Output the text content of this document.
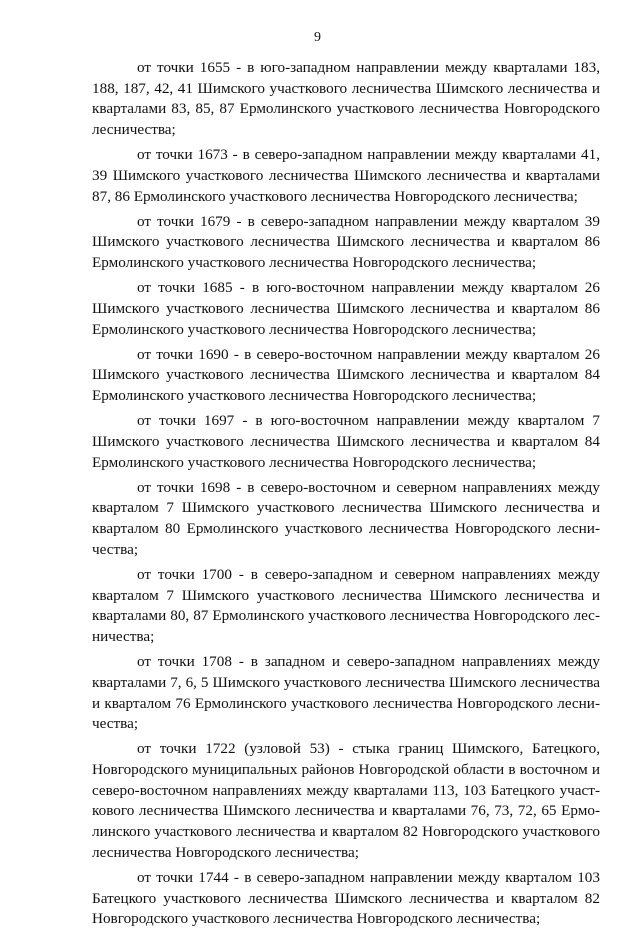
9

от точки 1655 - в юго-западном направлении между кварталами 183, 188, 187, 42, 41 Шимского участкового лесничества Шимского лесничества и кварталами 83, 85, 87 Ермолинского участкового лесничества Новгородского лесничества;

от точки 1673 - в северо-западном направлении между кварталами 41, 39 Шимского участкового лесничества Шимского лесничества и кварталами 87, 86 Ермолинского участкового лесничества Новгородского лесничества;

от точки 1679 - в северо-западном направлении между кварталом 39 Шимского участкового лесничества Шимского лесничества и кварталом 86 Ермолинского участкового лесничества Новгородского лесничества;

от точки 1685 - в юго-восточном направлении между кварталом 26 Шимского участкового лесничества Шимского лесничества и кварталом 86 Ермолинского участкового лесничества Новгородского лесничества;

от точки 1690 - в северо-восточном направлении между кварталом 26 Шимского участкового лесничества Шимского лесничества и кварталом 84 Ермолинского участкового лесничества Новгородского лесничества;

от точки 1697 - в юго-восточном направлении между кварталом 7 Шимского участкового лесничества Шимского лесничества и кварталом 84 Ермолинского участкового лесничества Новгородского лесничества;

от точки 1698 - в северо-восточном и северном направлениях между кварталом 7 Шимского участкового лесничества Шимского лесничества и кварталом 80 Ермолинского участкового лесничества Новгородского лесничества;

от точки 1700 - в северо-западном и северном направлениях между кварталом 7 Шимского участкового лесничества Шимского лесничества и кварталами 80, 87 Ермолинского участкового лесничества Новгородского лесничества;

от точки 1708 - в западном и северо-западном направлениях между кварталами 7, 6, 5 Шимского участкового лесничества Шимского лесничества и кварталом 76 Ермолинского участкового лесничества Новгородского лесничества;

от точки 1722 (узловой 53) - стыка границ Шимского, Батецкого, Новгородского муниципальных районов Новгородской области в восточном и северо-восточном направлениях между кварталами 113, 103 Батецкого участкового лесничества Шимского лесничества и кварталами 76, 73, 72, 65 Ермолинского участкового лесничества и кварталом 82 Новгородского участкового лесничества Новгородского лесничества;

от точки 1744 - в северо-западном направлении между кварталом 103 Батецкого участкового лесничества Шимского лесничества и кварталом 82 Новгородского участкового лесничества Новгородского лесничества;
